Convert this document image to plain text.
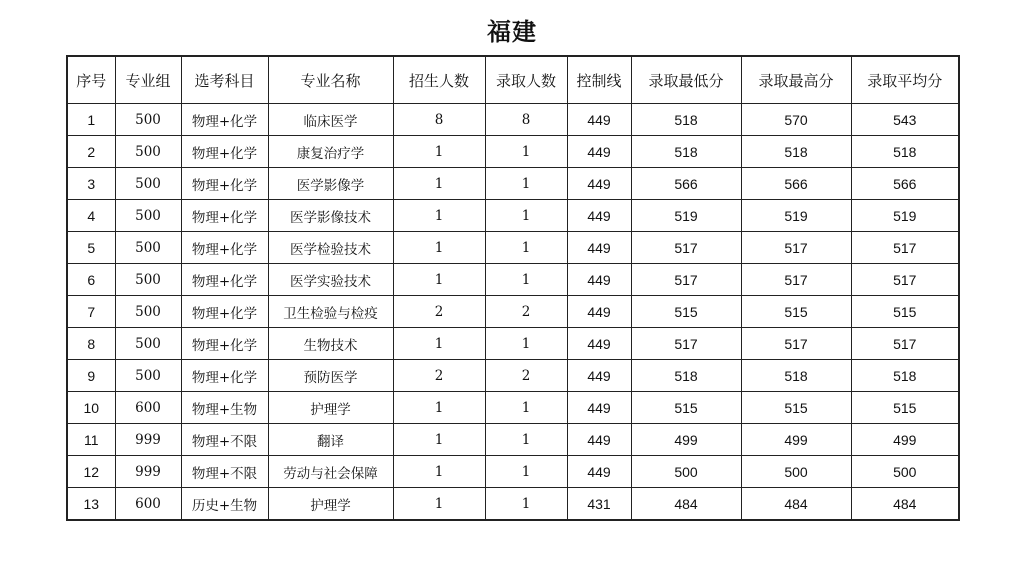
福建
序号	专业组	选考科目	专业名称	招生人数	录取人数	控制线	录取最低分	录取最高分	录取平均分
1	500	物理+化学	临床医学	8	8	449	518	570	543
2	500	物理+化学	康复治疗学	1	1	449	518	518	518
3	500	物理+化学	医学影像学	1	1	449	566	566	566
4	500	物理+化学	医学影像技术	1	1	449	519	519	519
5	500	物理+化学	医学检验技术	1	1	449	517	517	517
6	500	物理+化学	医学实验技术	1	1	449	517	517	517
7	500	物理+化学	卫生检验与检疫	2	2	449	515	515	515
8	500	物理+化学	生物技术	1	1	449	517	517	517
9	500	物理+化学	预防医学	2	2	449	518	518	518
10	600	物理+生物	护理学	1	1	449	515	515	515
11	999	物理+不限	翻译	1	1	449	499	499	499
12	999	物理+不限	劳动与社会保障	1	1	449	500	500	500
13	600	历史+生物	护理学	1	1	431	484	484	484
